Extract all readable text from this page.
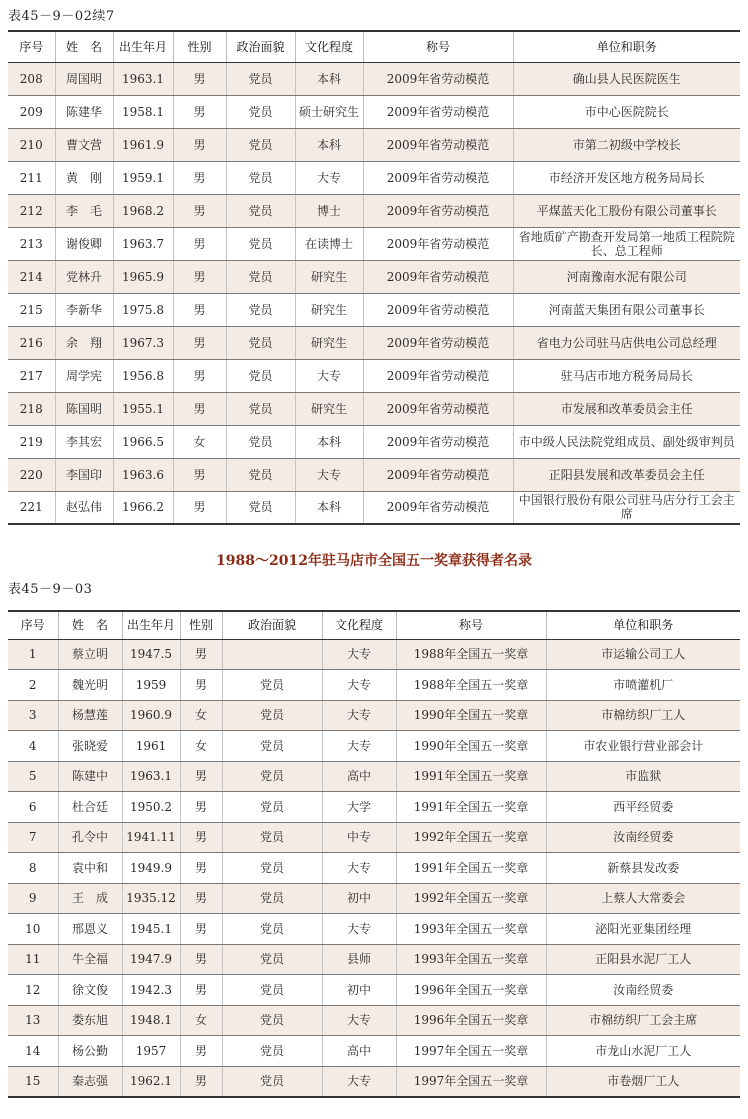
表45－9－02续7
序号	姓　名	出生年月	性别	政治面貌	文化程度	称号	单位和职务
208	周国明	1963.1	男	党员	本科	2009年省劳动模范	确山县人民医院医生
209	陈建华	1958.1	男	党员	硕士研究生	2009年省劳动模范	市中心医院院长
210	曹文营	1961.9	男	党员	本科	2009年省劳动模范	市第二初级中学校长
211	黄　刚	1959.1	男	党员	大专	2009年省劳动模范	市经济开发区地方税务局局长
212	李　毛	1968.2	男	党员	博士	2009年省劳动模范	平煤蓝天化工股份有限公司董事长
213	谢俊卿	1963.7	男	党员	在读博士	2009年省劳动模范	省地质矿产勘查开发局第一地质工程院院长、总工程师
214	党林升	1965.9	男	党员	研究生	2009年省劳动模范	河南豫南水泥有限公司
215	李新华	1975.8	男	党员	研究生	2009年省劳动模范	河南蓝天集团有限公司董事长
216	余　翔	1967.3	男	党员	研究生	2009年省劳动模范	省电力公司驻马店供电公司总经理
217	周学宪	1956.8	男	党员	大专	2009年省劳动模范	驻马店市地方税务局局长
218	陈国明	1955.1	男	党员	研究生	2009年省劳动模范	市发展和改革委员会主任
219	李其宏	1966.5	女	党员	本科	2009年省劳动模范	市中级人民法院党组成员、副处级审判员
220	李国印	1963.6	男	党员	大专	2009年省劳动模范	正阳县发展和改革委员会主任
221	赵弘伟	1966.2	男	党员	本科	2009年省劳动模范	中国银行股份有限公司驻马店分行工会主席
1988～2012年驻马店市全国五一奖章获得者名录
表45－9－03
序号	姓　名	出生年月	性别	政治面貌	文化程度	称号	单位和职务
1	蔡立明	1947.5	男		大专	1988年全国五一奖章	市运输公司工人
2	魏光明	1959	男	党员	大专	1988年全国五一奖章	市喷灌机厂
3	杨慧莲	1960.9	女	党员	大专	1990年全国五一奖章	市棉纺织厂工人
4	张晓爱	1961	女	党员	大专	1990年全国五一奖章	市农业银行营业部会计
5	陈建中	1963.1	男	党员	高中	1991年全国五一奖章	市监狱
6	杜合廷	1950.2	男	党员	大学	1991年全国五一奖章	西平经贸委
7	孔令中	1941.11	男	党员	中专	1992年全国五一奖章	汝南经贸委
8	袁中和	1949.9	男	党员	大专	1991年全国五一奖章	新蔡县发改委
9	王　成	1935.12	男	党员	初中	1992年全国五一奖章	上蔡人大常委会
10	邢恩义	1945.1	男	党员	大专	1993年全国五一奖章	泌阳光亚集团经理
11	牛全福	1947.9	男	党员	县师	1993年全国五一奖章	正阳县水泥厂工人
12	徐文俊	1942.3	男	党员	初中	1996年全国五一奖章	汝南经贸委
13	娄东旭	1948.1	女	党员	大专	1996年全国五一奖章	市棉纺织厂工会主席
14	杨公勤	1957	男	党员	高中	1997年全国五一奖章	市龙山水泥厂工人
15	秦志强	1962.1	男	党员	大专	1997年全国五一奖章	市卷烟厂工人
